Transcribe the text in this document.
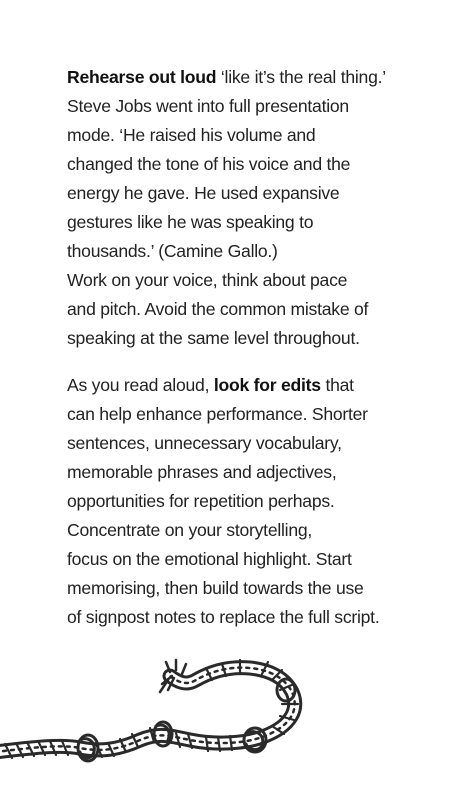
Rehearse out loud ‘like it’s the real thing.’
Steve Jobs went into full presentation
mode. ‘He raised his volume and
changed the tone of his voice and the
energy he gave. He used expansive
gestures like he was speaking to
thousands.’ (Camine Gallo.)
Work on your voice, think about pace
and pitch. Avoid the common mistake of
speaking at the same level throughout.
As you read aloud, look for edits that
can help enhance performance. Shorter
sentences, unnecessary vocabulary,
memorable phrases and adjectives,
opportunities for repetition perhaps.
Concentrate on your storytelling,
focus on the emotional highlight. Start
memorising, then build towards the use
of signpost notes to replace the full script.
